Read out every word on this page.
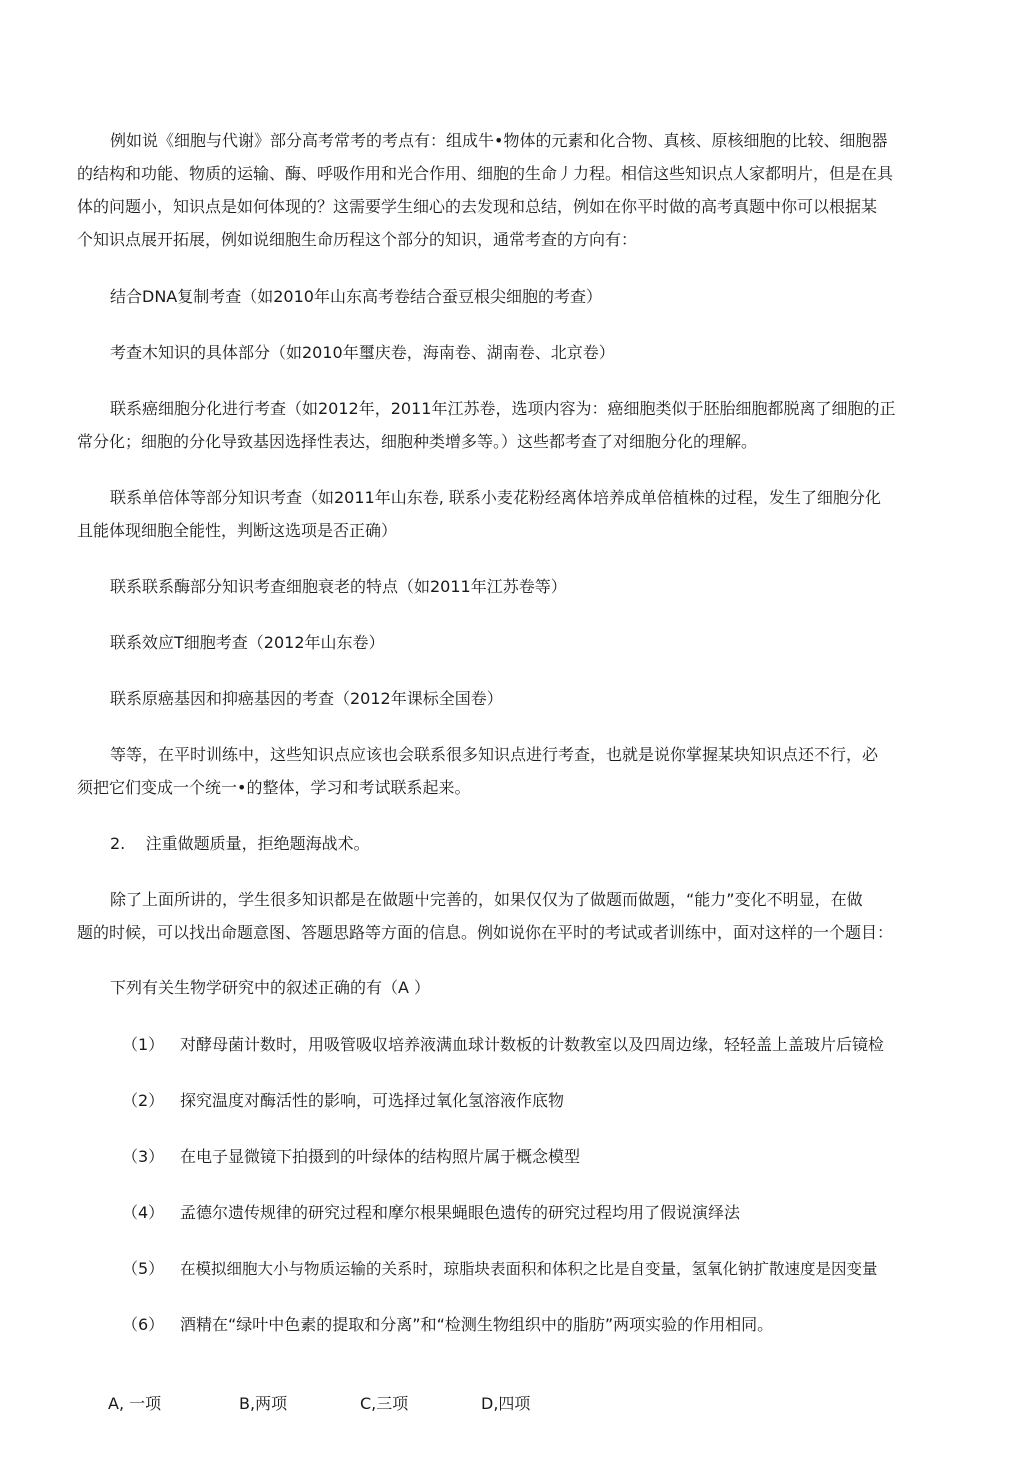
例如说《细胞与代谢》部分高考常考的考点有：组成牛•物体的元素和化合物、真核、原核细胞的比较、细胞器
的结构和功能、物质的运输、酶、呼吸作用和光合作用、细胞的生命丿力程。相信这些知识点人家都明片，但是在具
体的问题小，知识点是如何体现的？这需要学生细心的去发现和总结，例如在你平时做的高考真题中你可以根据某
个知识点展开拓展，例如说细胞生命历程这个部分的知识，通常考查的方向有：
结合DNA复制考查（如2010年山东高考卷结合蚕豆根尖细胞的考查）
考查木知识的具体部分（如2010年璽庆卷，海南卷、湖南卷、北京卷）
联系癌细胞分化进行考查（如2012年，2011年江苏卷，选项内容为：癌细胞类似于胚胎细胞都脱离了细胞的正
常分化；细胞的分化导致基因选择性表达，细胞种类增多等。）这些都考查了对细胞分化的理解。
联系单倍体等部分知识考查（如2011年山东卷, 联系小麦花粉经离体培养成单倍植株的过程，发生了细胞分化
且能体现细胞全能性，判断这选项是否正确）
联系联系酶部分知识考查细胞衰老的特点（如2011年江苏卷等）
联系效应T细胞考查（2012年山东卷）
联系原癌基因和抑癌基因的考查（2012年课标全国卷）
等等，在平时训练中，这些知识点应该也会联系很多知识点进行考查，也就是说你掌握某块知识点还不行，必
须把它们变成一个统一•的整体，学习和考试联系起来。
2.    注重做题质量，拒绝题海战术。
除了上面所讲的，学生很多知识都是在做题屮完善的，如果仅仅为了做题而做题，“能力”变化不明显，在做
题的时候，可以找出命题意图、答题思路等方面的信息。例如说你在平时的考试或者训练中，面对这样的一个题目：
下列有关生物学研究中的叙述正确的有（A ）
（1） 对酵母菌计数时，用吸管吸収培养液满血球计数板的计数教室以及四周边缘，轻轻盖上盖玻片后镜检
（2） 探究温度对酶活性的影响，可选择过氧化氢溶液作底物
（3） 在电子显微镜下拍摄到的叶绿体的结构照片属于概念模型
（4） 孟德尔遗传规律的研究过程和摩尔根果蝇眼色遗传的研究过程均用了假说演绎法
（5） 在模拟细胞大小与物质运输的关系时，琼脂块表面积和体积之比是自变量，氢氧化钠扩散速度是因变量
（6） 酒精在“绿叶中色素的提取和分离”和“检测生物组织中的脂肪”两项实验的作用相同。
A, 一项	B,两项	C,三项	D,四项
